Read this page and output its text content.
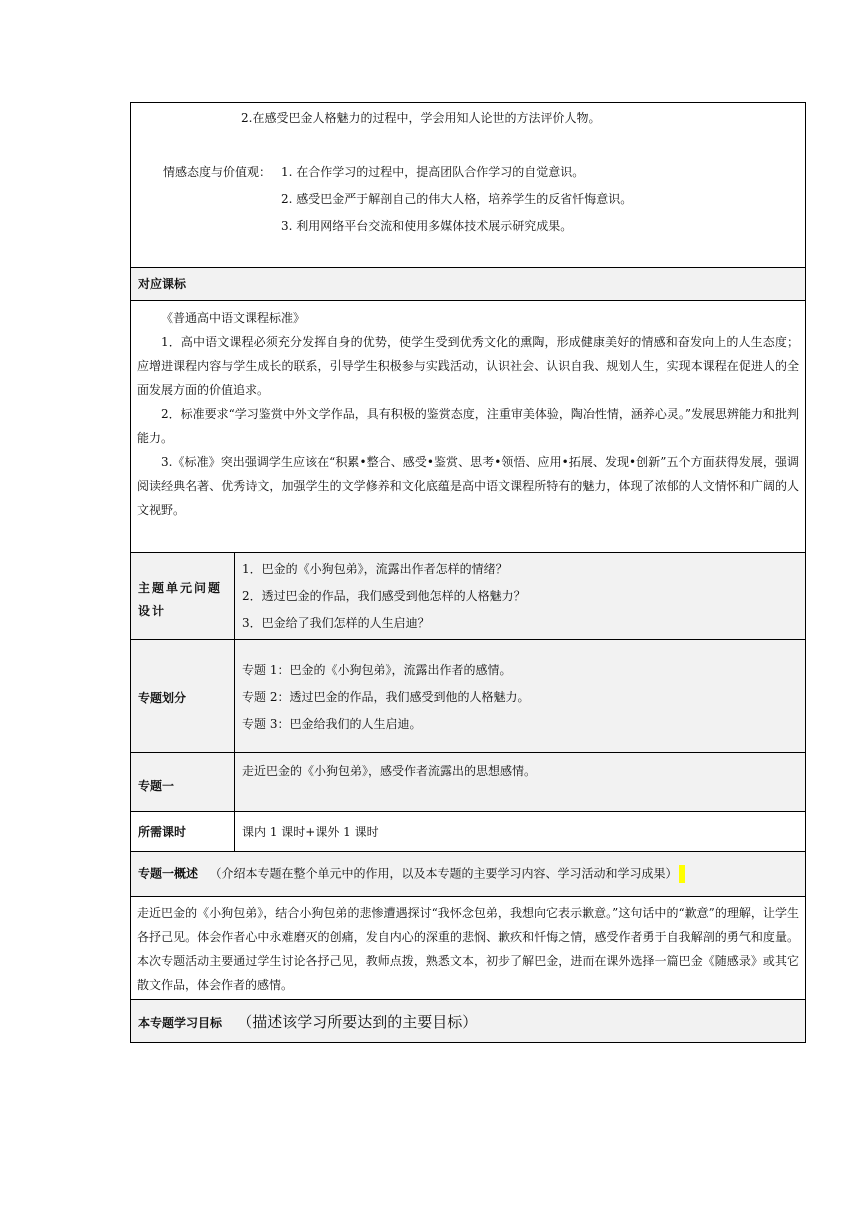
2.在感受巴金人格魅力的过程中，学会用知人论世的方法评价人物。
情感态度与价值观： 1. 在合作学习的过程中，提高团队合作学习的自觉意识。
2. 感受巴金严于解剖自己的伟大人格，培养学生的反省忏悔意识。
3. 利用网络平台交流和使用多媒体技术展示研究成果。
对应课标

《普通高中语文课程标准》

1．高中语文课程必须充分发挥自身的优势，使学生受到优秀文化的熏陶，形成健康美好的情感和奋发向上的人生态度；应增进课程内容与学生成长的联系，引导学生积极参与实践活动，认识社会、认识自我、规划人生，实现本课程在促进人的全面发展方面的价值追求。

2．标准要求“学习鉴赏中外文学作品，具有积极的鉴赏态度，注重审美体验，陶冶性情，涵养心灵。”发展思辨能力和批判能力。

3.《标准》突出强调学生应该在“积累•整合、感受•鉴赏、思考•领悟、应用•拓展、发现•创新”五个方面获得发展，强调阅读经典名著、优秀诗文，加强学生的文学修养和文化底蕴是高中语文课程所特有的魅力，体现了浓郁的人文情怀和广阔的人文视野。

主题单元问题设计
1．巴金的《小狗包弟》，流露出作者怎样的情绪？
2．透过巴金的作品，我们感受到他怎样的人格魅力？
3．巴金给了我们怎样的人生启迪？
专题划分
专题 1：巴金的《小狗包弟》，流露出作者的感情。
专题 2：透过巴金的作品，我们感受到他的人格魅力。
专题 3：巴金给我们的人生启迪。
专题一
走近巴金的《小狗包弟》，感受作者流露出的思想感情。
所需课时	课内 1 课时+课外 1 课时
专题一概述 （介绍本专题在整个单元中的作用，以及本专题的主要学习内容、学习活动和学习成果）

走近巴金的《小狗包弟》，结合小狗包弟的悲惨遭遇探讨“我怀念包弟，我想向它表示歉意。”这句话中的“歉意”的理解，让学生各抒己见。体会作者心中永难磨灭的创痛，发自内心的深重的悲悯、歉疚和忏悔之情，感受作者勇于自我解剖的勇气和度量。本次专题活动主要通过学生讨论各抒己见，教师点拨，熟悉文本，初步了解巴金，进而在课外选择一篇巴金《随感录》或其它散文作品，体会作者的感情。

本专题学习目标 （描述该学习所要达到的主要目标）
